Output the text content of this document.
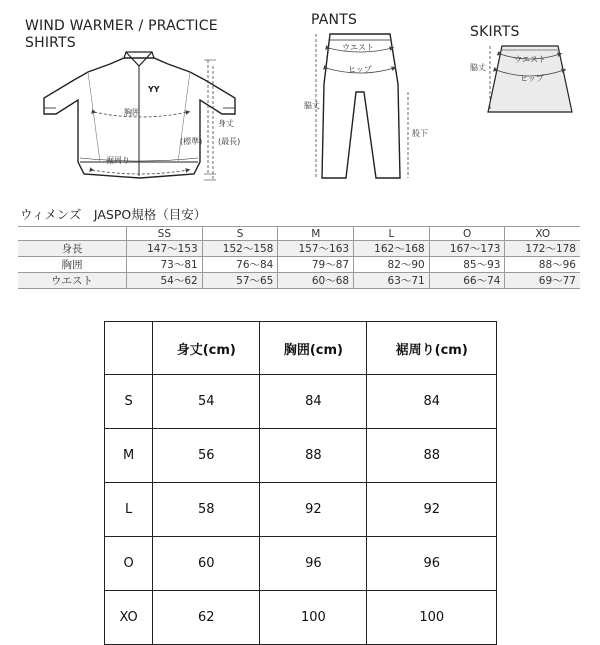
WIND WARMER / PRACTICE
SHIRTS
PANTS
SKIRTS
YY
胸囲
身丈
(標準) (最長)
裾周り
ウエスト
ヒップ
脇丈
股下
ウエスト
ヒップ
脇丈
ウィメンズ　JASPO規格（目安）
	SS	S	M	L	O	XO
身長	147〜153	152〜158	157〜163	162〜168	167〜173	172〜178
胸囲	73〜81	76〜84	79〜87	82〜90	85〜93	88〜96
ウエスト	54〜62	57〜65	60〜68	63〜71	66〜74	69〜77
	身丈(cm)	胸囲(cm)	裾周り(cm)
S	54	84	84
M	56	88	88
L	58	92	92
O	60	96	96
XO	62	100	100
